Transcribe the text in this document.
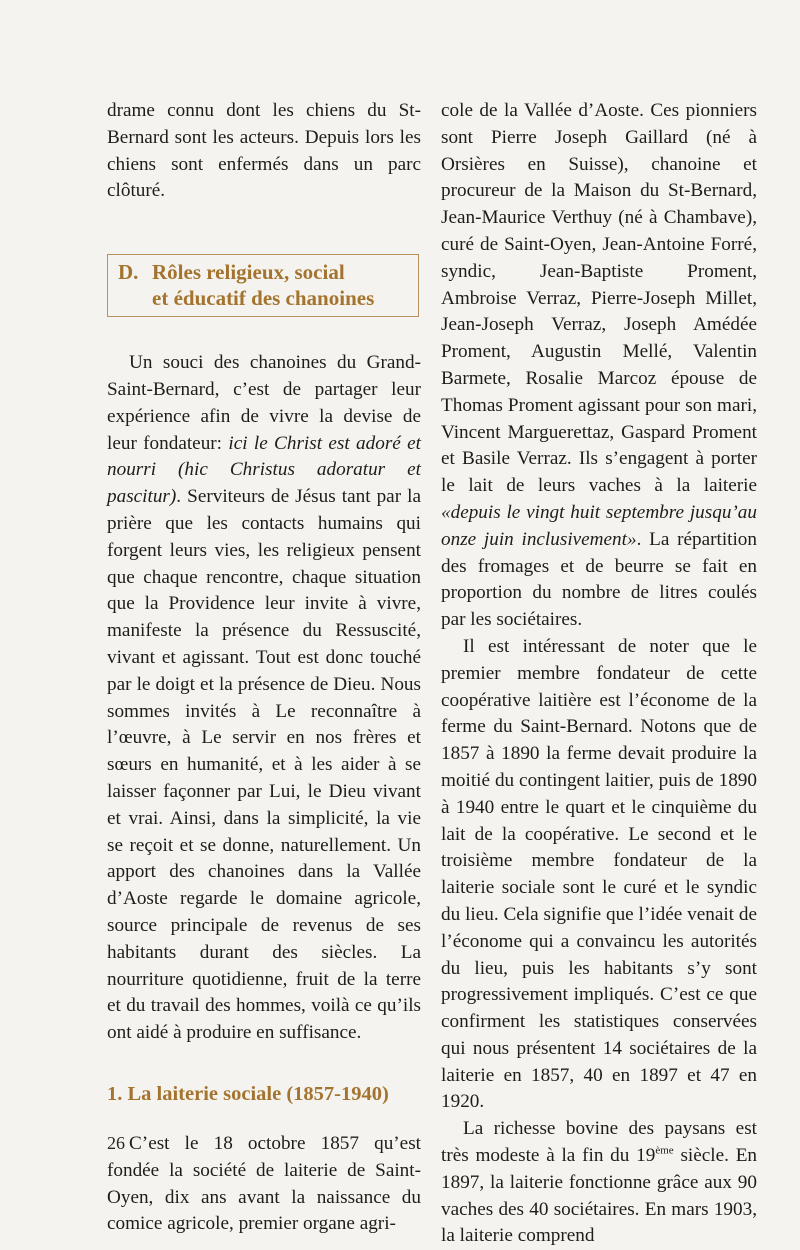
drame connu dont les chiens du St-Bernard sont les acteurs. Depuis lors les chiens sont enfermés dans un parc clôturé.

D. Rôles religieux, social
et éducatif des chanoines

Un souci des chanoines du Grand-Saint-Bernard, c’est de partager leur expérience afin de vivre la devise de leur fondateur: ici le Christ est adoré et nourri (hic Christus adoratur et pascitur). Serviteurs de Jésus tant par la prière que les contacts humains qui forgent leurs vies, les religieux pensent que chaque rencontre, chaque situation que la Providence leur invite à vivre, manifeste la présence du Ressuscité, vivant et agissant. Tout est donc touché par le doigt et la présence de Dieu. Nous sommes invités à Le reconnaître à l’œuvre, à Le servir en nos frères et sœurs en humanité, et à les aider à se laisser façonner par Lui, le Dieu vivant et vrai. Ainsi, dans la simplicité, la vie se reçoit et se donne, naturellement. Un apport des chanoines dans la Vallée d’Aoste regarde le domaine agricole, source principale de revenus de ses habitants durant des siècles. La nourriture quotidienne, fruit de la terre et du travail des hommes, voilà ce qu’ils ont aidé à produire en suffisance.

1. La laiterie sociale (1857-1940)

C’est le 18 octobre 1857 qu’est fondée la société de laiterie de Saint-Oyen, dix ans avant la naissance du comice agricole, premier organe agri-

cole de la Vallée d’Aoste. Ces pionniers sont Pierre Joseph Gaillard (né à Orsières en Suisse), chanoine et procureur de la Maison du St-Bernard, Jean-Maurice Verthuy (né à Chambave), curé de Saint-Oyen, Jean-Antoine Forré, syndic, Jean-Baptiste Proment, Ambroise Verraz, Pierre-Joseph Millet, Jean-Joseph Verraz, Joseph Amédée Proment, Augustin Mellé, Valentin Barmete, Rosalie Marcoz épouse de Thomas Proment agissant pour son mari, Vincent Marguerettaz, Gaspard Proment et Basile Verraz. Ils s’engagent à porter le lait de leurs vaches à la laiterie «depuis le vingt huit septembre jusqu’au onze juin inclusivement». La répartition des fromages et de beurre se fait en proportion du nombre de litres coulés par les sociétaires.

Il est intéressant de noter que le premier membre fondateur de cette coopérative laitière est l’économe de la ferme du Saint-Bernard. Notons que de 1857 à 1890 la ferme devait produire la moitié du contingent laitier, puis de 1890 à 1940 entre le quart et le cinquième du lait de la coopérative. Le second et le troisième membre fondateur de la laiterie sociale sont le curé et le syndic du lieu. Cela signifie que l’idée venait de l’économe qui a convaincu les autorités du lieu, puis les habitants s’y sont progressivement impliqués. C’est ce que confirment les statistiques conservées qui nous présentent 14 sociétaires de la laiterie en 1857, 40 en 1897 et 47 en 1920.

La richesse bovine des paysans est très modeste à la fin du 19ème siècle. En 1897, la laiterie fonctionne grâce aux 90 vaches des 40 sociétaires. En mars 1903, la laiterie comprend

26
